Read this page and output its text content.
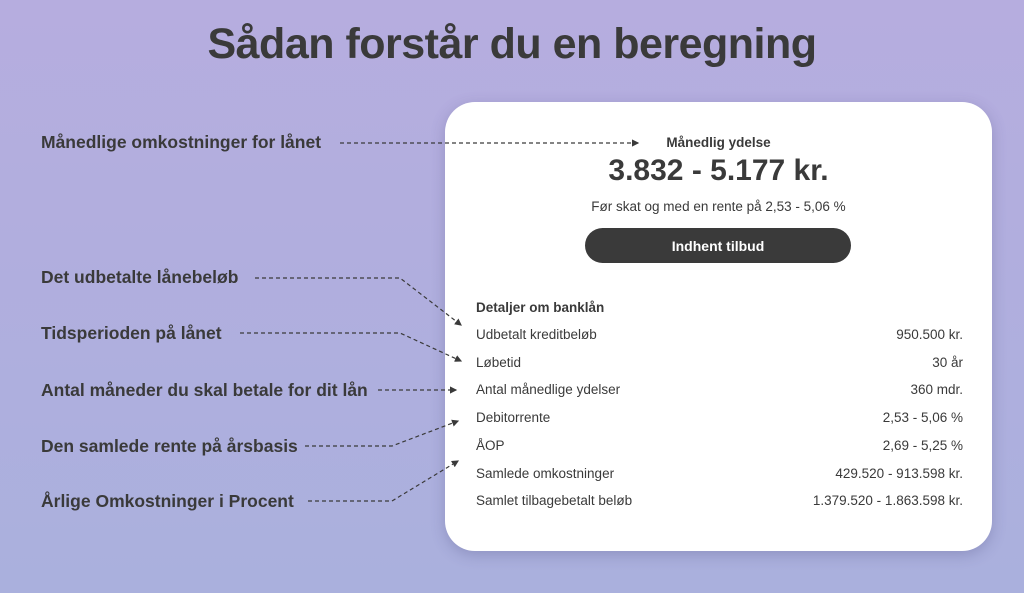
Sådan forstår du en beregning
Månedlige omkostninger for lånet
Det udbetalte lånebeløb
Tidsperioden på lånet
Antal måneder du skal betale for dit lån
Den samlede rente på årsbasis
Årlige Omkostninger i Procent
Månedlig ydelse
3.832 - 5.177 kr.
Før skat og med en rente på 2,53 - 5,06 %
Indhent tilbud
Detaljer om banklån
Udbetalt kreditbeløb	950.500 kr.
Løbetid	30 år
Antal månedlige ydelser	360 mdr.
Debitorrente	2,53 - 5,06 %
ÅOP	2,69 - 5,25 %
Samlede omkostninger	429.520 - 913.598 kr.
Samlet tilbagebetalt beløb	1.379.520 - 1.863.598 kr.
